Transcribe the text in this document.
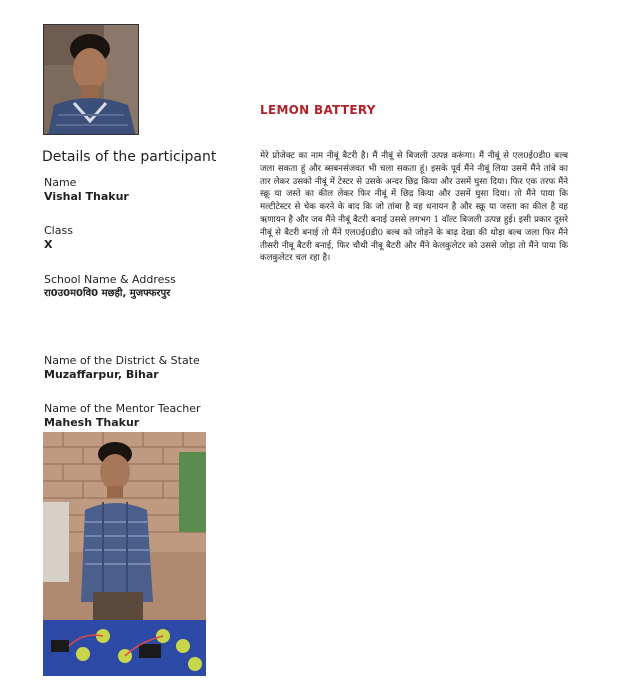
Details of the participant
Name
Vishal Thakur
Class
X
School Name & Address
रा0उ0म0वि0 मछही, मुजफ्फरपुर
Name of the District & State
Muzaffarpur, Bihar
Name of the Mentor Teacher
Mahesh Thakur
LEMON BATTERY
मेरे प्रोजेक्ट का नाम नीबूं बैटरी है। मैं नीबूं से बिजली उत्पन्न करूंगा। मैं नीबूं से एल0ई0डी0 बल्ब जला सकता हूं और ब्सबनसंजवत भी चला सकता हूं। इसके पूर्व मैंने नीबूं लिया उसमें मैंने तांबे का तार लेकर उसको नीबूं में टेस्टर से उसके अन्दर छिद्र किया और उसमें घुसा दिया। फिर एक तरफ मैंने स्क्रू या जस्ते का कील लेकर फिर नीबूं में छिद्र किया और उसमें घुसा दिया। तो मैंने पाया कि मल्टीटेस्टर से चेक करने के बाद कि जो तांबा है वह धनायन है और स्क्रू या जस्ता का कील है वह ऋणायन है और जब मैंने नीबूं बैटरी बनाई उससे लगभग 1 वॉल्ट बिजली उत्पन्न हुई। इसी प्रकार दूसरे नीबूं से बैटरी बनाई तो मैंने एल0ई0डी0 बल्ब को जोड़ने के बाढ़ देखा की थोड़ा बल्ब जला फिर मैंने तीसरी नीबू बैटरी बनाई, फिर चौथी नीबू बैटरी और मैंने केलकुलेटर को उससे जोड़ा तो मैंने पाया कि कलकुलेटर चल रहा है।
